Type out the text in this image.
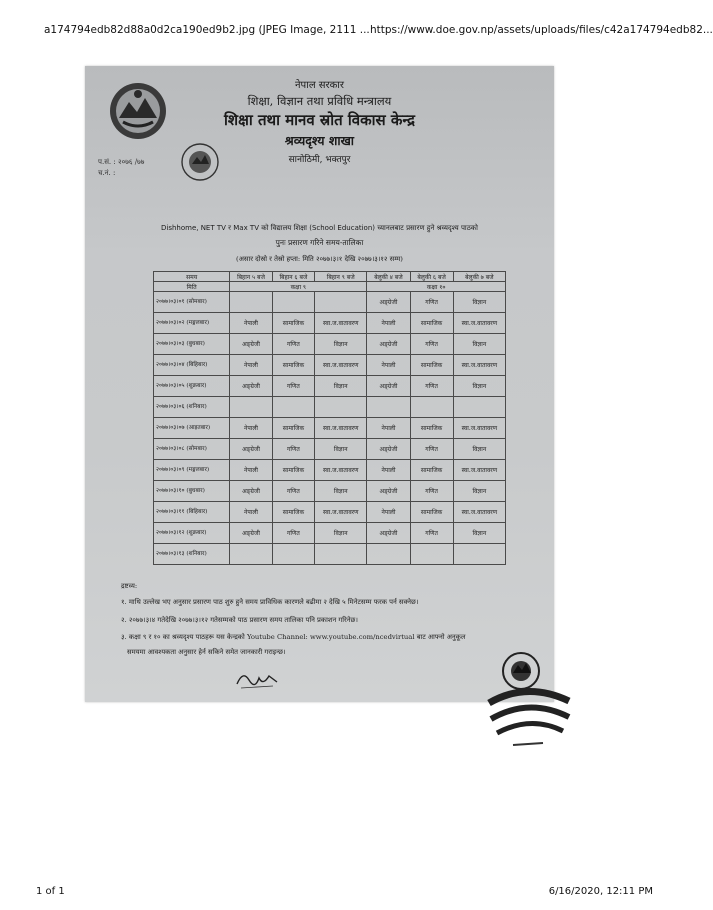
a174794edb82d88a0d2ca190ed9b2.jpg (JPEG Image, 2111 ... https://www.doe.gov.np/assets/uploads/files/c42a174794edb82...
नेपाल सरकार
शिक्षा, विज्ञान तथा प्रविधि मन्त्रालय
शिक्षा तथा मानव स्रोत विकास केन्द्र
श्रव्यदृश्य शाखा
सानोठिमी, भक्तपुर
प.सं. : २०७६ /७७
च.नं. :
Dishhome, NET TV र Max TV को विद्यालय शिक्षा (School Education) च्यानलबाट प्रसारण हुने श्रव्यदृश्य पाठको
पुनः प्रसारण गरिने समय-तालिका
(असार दोस्रो र तेस्रो हप्ता: मिति २०७७।३।१ देखि २०७७।३।१२ सम्म)
समय	बिहान ५ बजे	बिहान ६ बजे	बिहान ९ बजे	बेलुकी ४ बजे	बेलुकी ६ बजे	बेलुकी ७ बजे
मिति	कक्षा ९			कक्षा १०		
२०७७।०३।०१ (सोमबार)				अङ्ग्रेजी	गणित	विज्ञान
२०७७।०३।०२ (मङ्गलबार)	नेपाली	सामाजिक	स्वा.ज.वातावरण	नेपाली	सामाजिक	स्वा.ज.वातावरण
२०७७।०३।०३ (बुधबार)	अङ्ग्रेजी	गणित	विज्ञान	अङ्ग्रेजी	गणित	विज्ञान
२०७७।०३।०४ (बिहिबार)	नेपाली	सामाजिक	स्वा.ज.वातावरण	नेपाली	सामाजिक	स्वा.ज.वातावरण
२०७७।०३।०५ (शुक्रबार)	अङ्ग्रेजी	गणित	विज्ञान	अङ्ग्रेजी	गणित	विज्ञान
२०७७।०३।०६ (शनिबार)						
२०७७।०३।०७ (आइतबार)	नेपाली	सामाजिक	स्वा.ज.वातावरण	नेपाली	सामाजिक	स्वा.ज.वातावरण
२०७७।०३।०८ (सोमबार)	अङ्ग्रेजी	गणित	विज्ञान	अङ्ग्रेजी	गणित	विज्ञान
२०७७।०३।०९ (मङ्गलबार)	नेपाली	सामाजिक	स्वा.ज.वातावरण	नेपाली	सामाजिक	स्वा.ज.वातावरण
२०७७।०३।१० (बुधबार)	अङ्ग्रेजी	गणित	विज्ञान	अङ्ग्रेजी	गणित	विज्ञान
२०७७।०३।११ (बिहिबार)	नेपाली	सामाजिक	स्वा.ज.वातावरण	नेपाली	सामाजिक	स्वा.ज.वातावरण
२०७७।०३।१२ (शुक्रबार)	अङ्ग्रेजी	गणित	विज्ञान	अङ्ग्रेजी	गणित	विज्ञान
२०७७।०३।१३ (शनिबार)						
द्रष्टव्य:
१. माथि उल्लेख भए अनुसार प्रसारण पाठ शुरु हुने समय प्राविधिक कारणले बढीमा २ देखि ५ मिनेटसम्म फरक पर्न सक्नेछ।
२. २०७७।३।४ गतेदेखि २०७७।३।१२ गतेसम्मको पाठ प्रसारण समय तालिका पनि प्रकाशन गरिनेछ।
३. कक्षा ९ र १० का श्रव्यदृश्य पाठहरू यस केन्द्रको Youtube Channel: www.youtube.com/ncedvirtual बाट आफ्नो अनुकूल
समयमा आवश्यकता अनुसार हेर्न सकिने समेत जानकारी गराइन्छ।
1 of 1	6/16/2020, 12:11 PM
